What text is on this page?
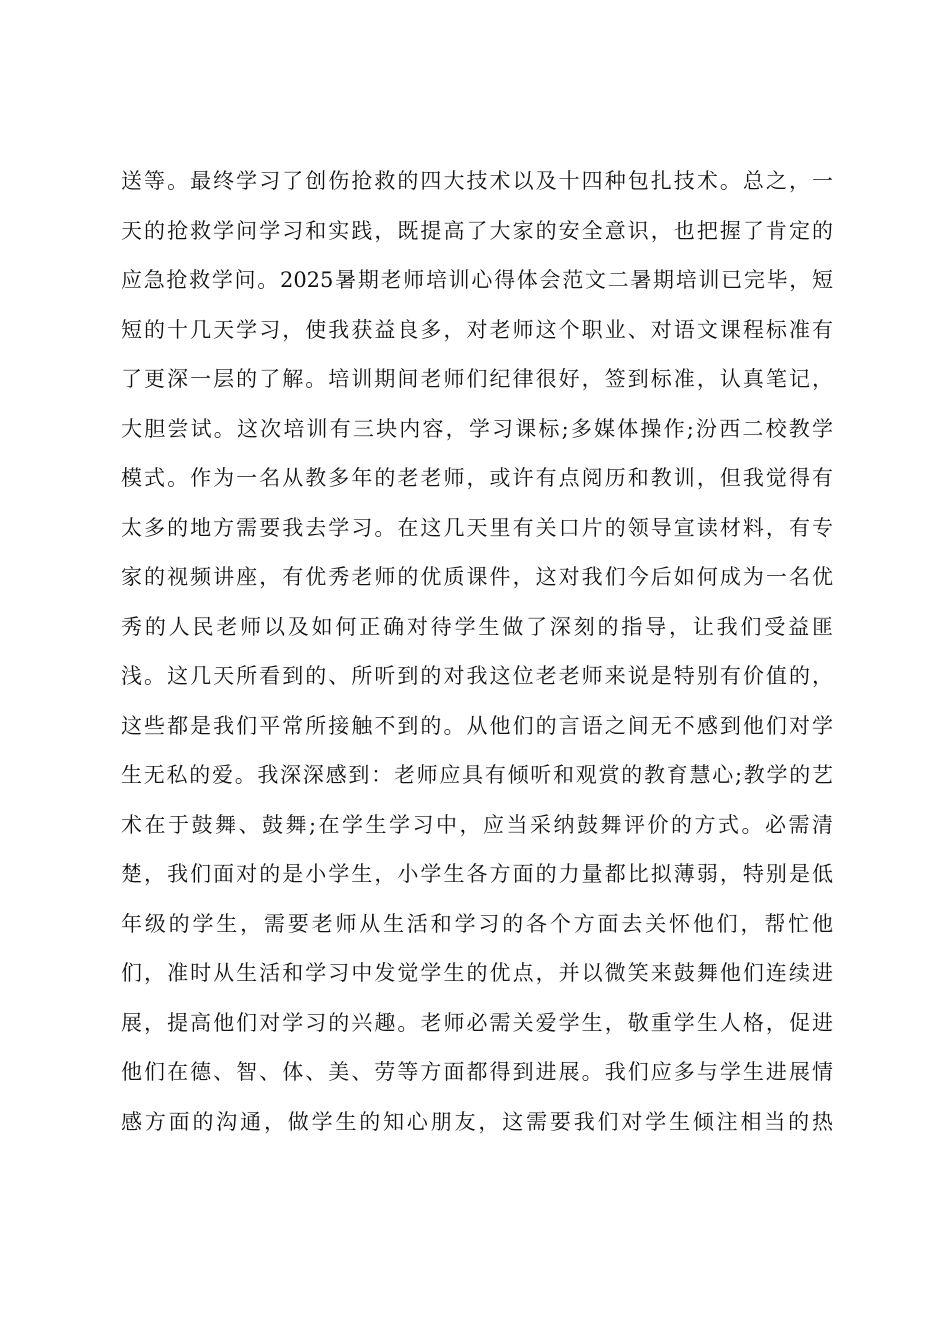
送等。最终学习了创伤抢救的四大技术以及十四种包扎技术。总之，一
天的抢救学问学习和实践，既提高了大家的安全意识，也把握了肯定的
应急抢救学问。2025暑期老师培训心得体会范文二暑期培训已完毕，短
短的十几天学习，使我获益良多，对老师这个职业、对语文课程标准有
了更深一层的了解。培训期间老师们纪律很好，签到标准，认真笔记，
大胆尝试。这次培训有三块内容，学习课标;多媒体操作;汾西二校教学
模式。作为一名从教多年的老老师，或许有点阅历和教训，但我觉得有
太多的地方需要我去学习。在这几天里有关口片的领导宣读材料，有专
家的视频讲座，有优秀老师的优质课件，这对我们今后如何成为一名优
秀的人民老师以及如何正确对待学生做了深刻的指导，让我们受益匪
浅。这几天所看到的、所听到的对我这位老老师来说是特别有价值的，
这些都是我们平常所接触不到的。从他们的言语之间无不感到他们对学
生无私的爱。我深深感到：老师应具有倾听和观赏的教育慧心;教学的艺
术在于鼓舞、鼓舞;在学生学习中，应当采纳鼓舞评价的方式。必需清
楚，我们面对的是小学生，小学生各方面的力量都比拟薄弱，特别是低
年级的学生，需要老师从生活和学习的各个方面去关怀他们，帮忙他
们，准时从生活和学习中发觉学生的优点，并以微笑来鼓舞他们连续进
展，提高他们对学习的兴趣。老师必需关爱学生，敬重学生人格，促进
他们在德、智、体、美、劳等方面都得到进展。我们应多与学生进展情
感方面的沟通，做学生的知心朋友，这需要我们对学生倾注相当的热
